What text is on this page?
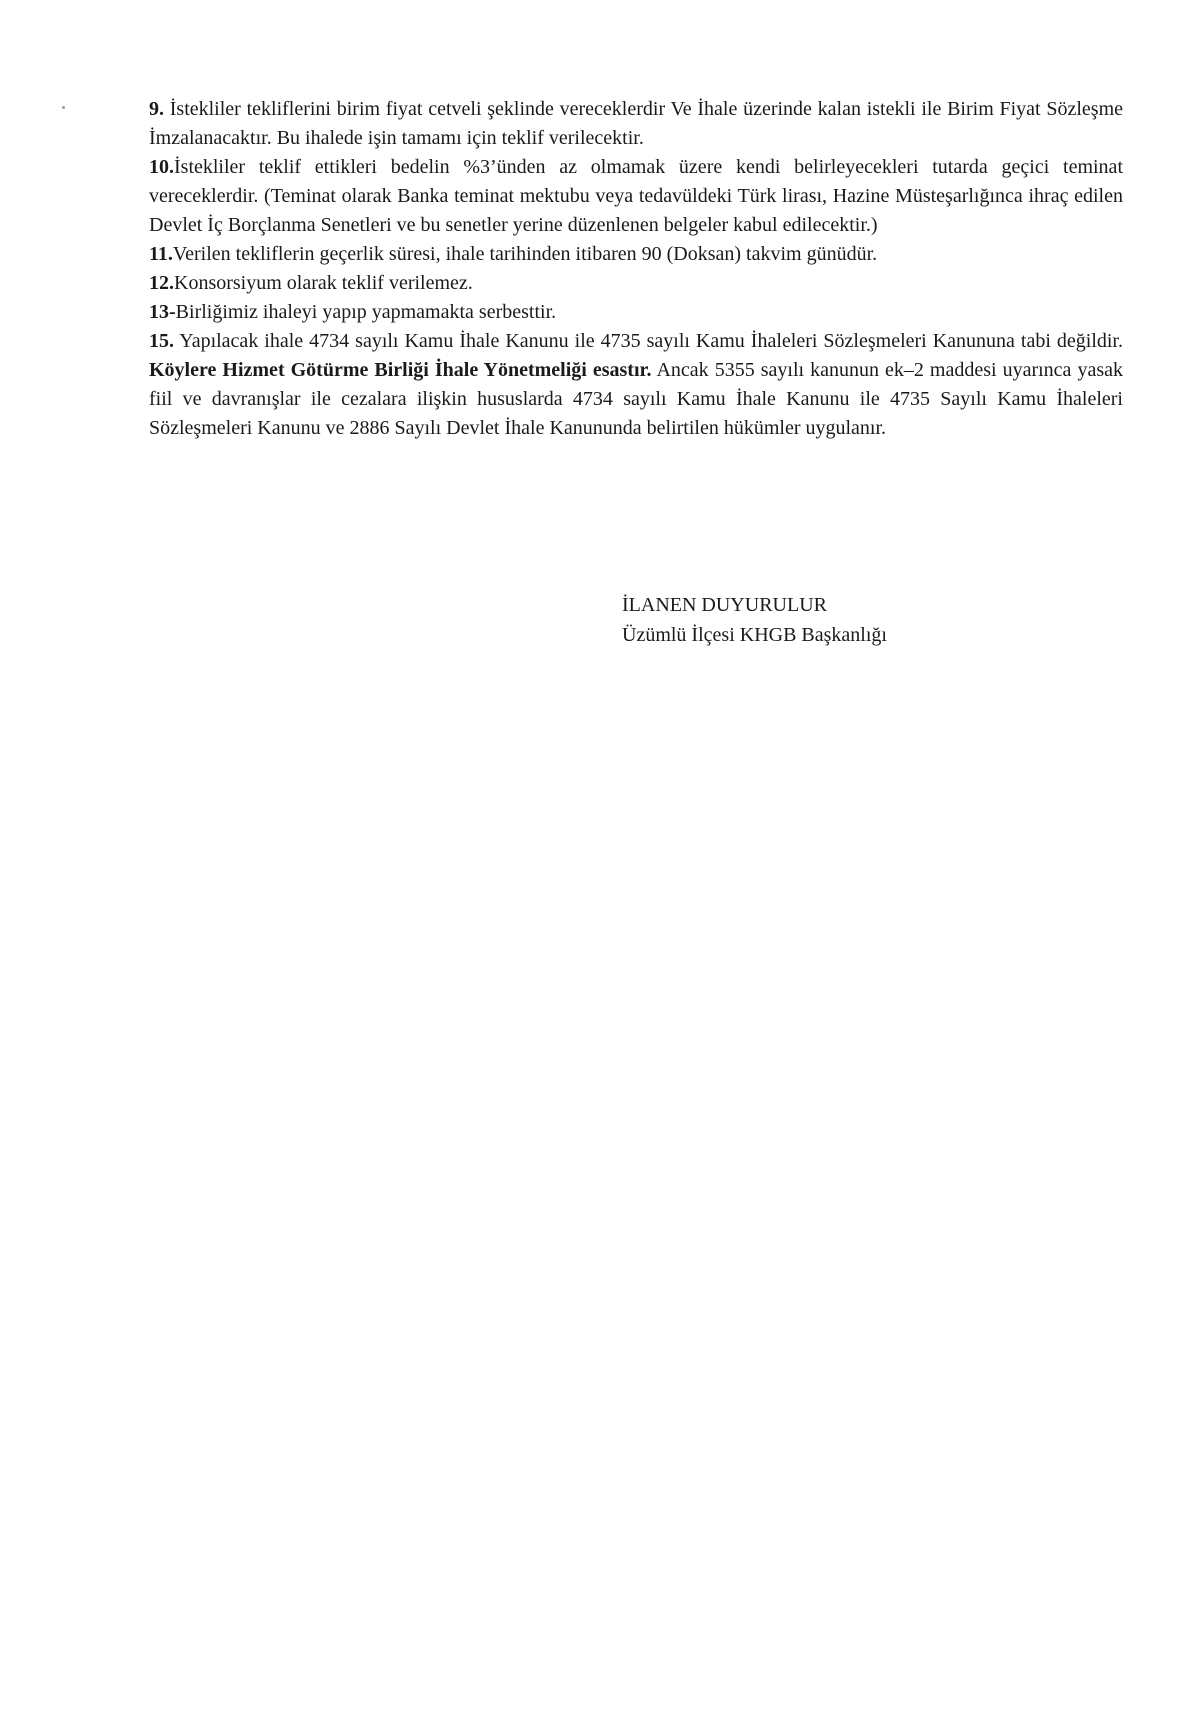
9. İstekliler tekliflerini birim fiyat cetveli şeklinde vereceklerdir Ve İhale üzerinde kalan istekli ile Birim Fiyat Sözleşme İmzalanacaktır. Bu ihalede işin tamamı için teklif verilecektir.

10.İstekliler teklif ettikleri bedelin %3’ünden az olmamak üzere kendi belirleyecekleri tutarda geçici teminat vereceklerdir. (Teminat olarak Banka teminat mektubu veya tedavüldeki Türk lirası, Hazine Müsteşarlığınca ihraç edilen Devlet İç Borçlanma Senetleri ve bu senetler yerine düzenlenen belgeler kabul edilecektir.)

11.Verilen tekliflerin geçerlik süresi, ihale tarihinden itibaren 90 (Doksan) takvim günüdür.

12.Konsorsiyum olarak teklif verilemez.

13-Birliğimiz ihaleyi yapıp yapmamakta serbesttir.

15. Yapılacak ihale 4734 sayılı Kamu İhale Kanunu ile 4735 sayılı Kamu İhaleleri Sözleşmeleri Kanununa tabi değildir. Köylere Hizmet Götürme Birliği İhale Yönetmeliği esastır. Ancak 5355 sayılı kanunun ek–2 maddesi uyarınca yasak fiil ve davranışlar ile cezalara ilişkin hususlarda 4734 sayılı Kamu İhale Kanunu ile 4735 Sayılı Kamu İhaleleri Sözleşmeleri Kanunu ve 2886 Sayılı Devlet İhale Kanununda belirtilen hükümler uygulanır.

İLANEN DUYURULUR
Üzümlü İlçesi KHGB Başkanlığı
